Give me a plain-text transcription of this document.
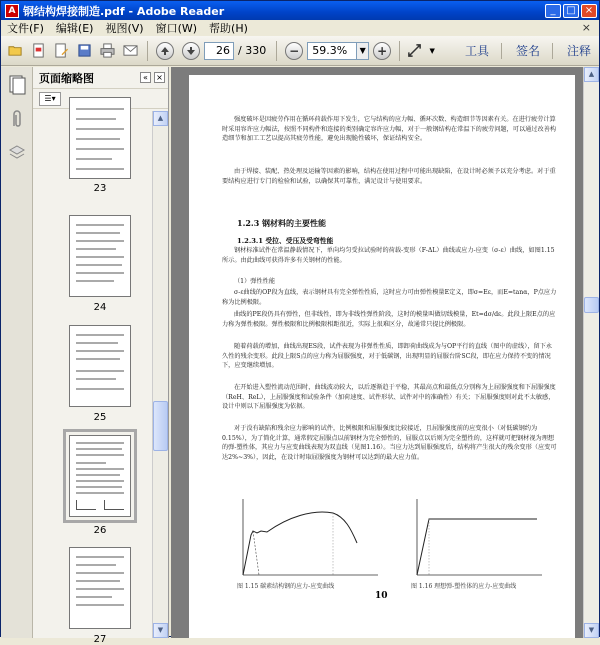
A 钢结构焊接制造.pdf - Adobe Reader	_	□ ×
文件(F) 编辑(E) 视图(V) 窗口(W) 帮助(H)	×
26 / 330	−	59.3%	▼ +	▼	工具 签名 注释
页面缩略图	«	×
☰▾
23
24
25
26
27
▲
▼
强度破坏是因疲劳作用在循环荷载作用下发生，它与结构的应力幅、循环次数、构造细节等因素有关。在进行疲劳计算时采用容许应力幅法，按照不同构件和连接的类别确定容许应力幅，对于一般钢结构在常温下的疲劳问题，可以通过改善构造细节和加工工艺以提高其疲劳性能，避免出现脆性破坏，保证结构安全。
由于焊接、装配、热处理及运输等因素的影响，结构在使用过程中可能出现缺陷，在设计时必须予以充分考虑。对于重要结构应进行专门的检验和试验，以确保其可靠性，满足设计与使用要求。
1.2.3 钢材料的主要性能
1.2.3.1 受拉、受压及受弯性能
钢材标准试件在常温静载情况下，单向均匀受拉试验时的荷载-变形（F-ΔL）曲线或应力-应变（σ-ε）曲线，如图1.15所示。由此曲线可获得许多有关钢材的性能。
（1）弹性性能
σ-ε曲线的OP段为直线，表示钢材具有完全弹性性质，这时应力可由弹性模量E定义，即σ=Eε，而E=tanα，P点应力称为比例极限。
曲线的PE段仍具有弹性，但非线性，即为非线性弹性阶段，这时的模量叫做切线模量，Et=dσ/dε。此段上限E点的应力称为弹性极限。弹性极限和比例极限相距很近，实际上很难区分，故通常只提比例极限。
随着荷载的增加，曲线出现ES段，试件表现为非弹性性质，即卸荷曲线成为与OP平行的直线（图中的虚线），留下永久性的残余变形。此段上限S点的应力称为屈服强度，对于低碳钢，出现明显的屈服台阶SC段，即在应力保持不变的情况下，应变继续增加。
在开始进入塑性流动范围时，曲线波动较大，以后逐渐趋于平稳，其最高点和最低点分别称为上屈服强度和下屈服强度（ReH、ReL），上屈服强度和试验条件（加荷速度、试件形状、试件对中的准确性）有关；下屈服强度则对此不太敏感，设计中则以下屈服强度为依据。
对于没有缺陷和残余应力影响的试件，比例极限和屈服强度比较接近，且屈服强度前的应变很小（对低碳钢约为0.15%），为了简化计算，通常假定屈服点以前钢材为完全弹性的，屈服点以后则为完全塑性的，这样就可把钢材视为理想的弹-塑性体，其应力与应变曲线表现为双直线（见图1.16）。当应力达到屈服强度后，结构将产生很大的残余变形（应变可达2%~3%），因此，在设计时取屈服强度为钢材可以达到的最大应力值。
图 1.15 碳素结构钢的应力-应变曲线	图 1.16 理想弹-塑性体的应力-应变曲线
10
▲
▼
